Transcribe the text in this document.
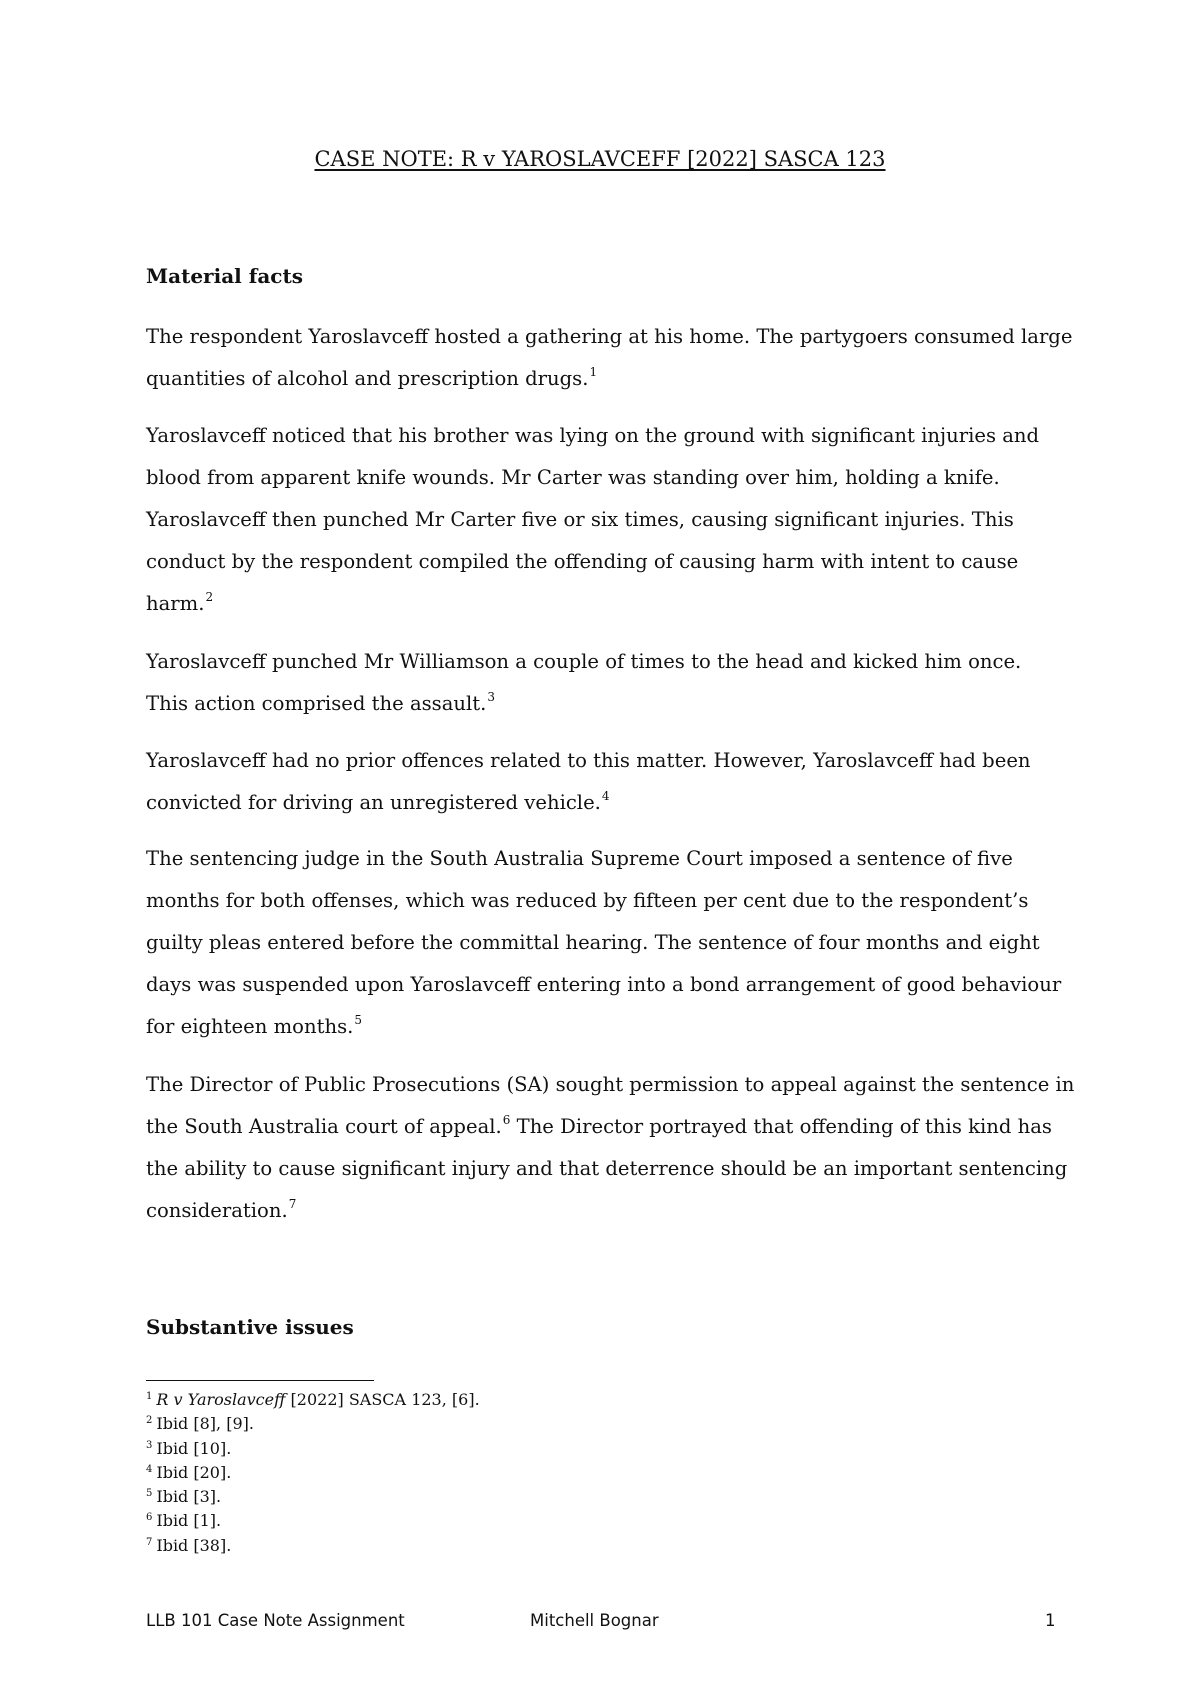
CASE NOTE: R v YAROSLAVCEFF [2022] SASCA 123
Material facts
The respondent Yaroslavceff hosted a gathering at his home. The partygoers consumed large
quantities of alcohol and prescription drugs.$^1$
Yaroslavceff noticed that his brother was lying on the ground with significant injuries and
blood from apparent knife wounds. Mr Carter was standing over him, holding a knife.
Yaroslavceff then punched Mr Carter five or six times, causing significant injuries. This
conduct by the respondent compiled the offending of causing harm with intent to cause
harm.$^2$
Yaroslavceff punched Mr Williamson a couple of times to the head and kicked him once.
This action comprised the assault.$^3$
Yaroslavceff had no prior offences related to this matter. However, Yaroslavceff had been
convicted for driving an unregistered vehicle.$^4$
The sentencing judge in the South Australia Supreme Court imposed a sentence of five
months for both offenses, which was reduced by fifteen per cent due to the respondent’s
guilty pleas entered before the committal hearing. The sentence of four months and eight
days was suspended upon Yaroslavceff entering into a bond arrangement of good behaviour
for eighteen months.$^5$
The Director of Public Prosecutions (SA) sought permission to appeal against the sentence in
the South Australia court of appeal.$^6$ The Director portrayed that offending of this kind has
the ability to cause significant injury and that deterrence should be an important sentencing
consideration.$^7$
Substantive issues
$^1$ R v Yaroslavceff [2022] SASCA 123, [6].
$^2$ Ibid [8], [9].
$^3$ Ibid [10].
$^4$ Ibid [20].
$^5$ Ibid [3].
$^6$ Ibid [1].
$^7$ Ibid [38].
LLB 101 Case Note Assignment	Mitchell Bognar	1
